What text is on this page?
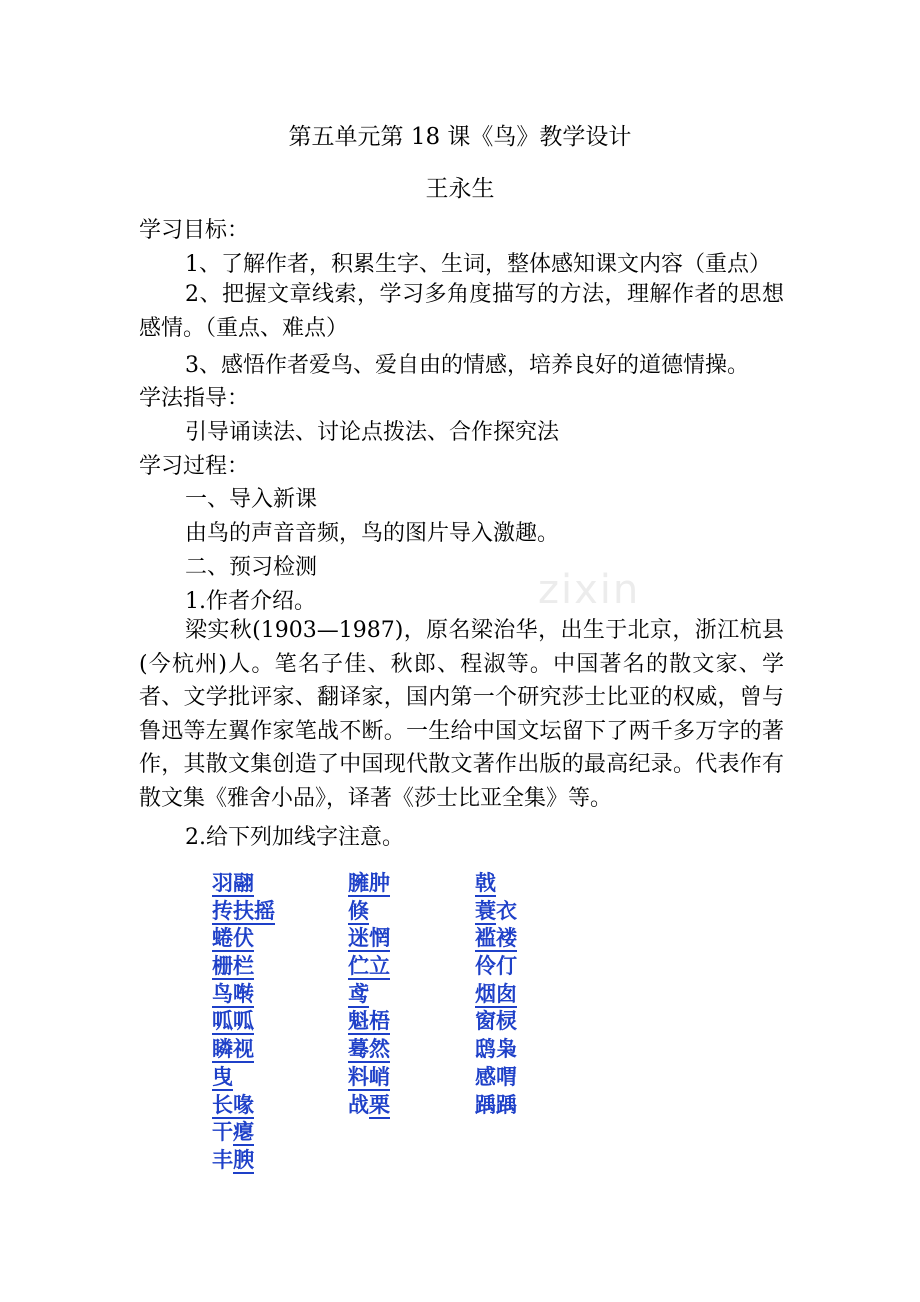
zixin
第五单元第 18 课《鸟》教学设计
王永生
学习目标：
1、了解作者，积累生字、生词，整体感知课文内容（重点）
2、把握文章线索，学习多角度描写的方法，理解作者的思想感情。（重点、难点）
3、感悟作者爱鸟、爱自由的情感，培养良好的道德情操。
学法指导：
引导诵读法、讨论点拨法、合作探究法
学习过程：
一、导入新课
由鸟的声音音频，鸟的图片导入激趣。
二、预习检测
1.作者介绍。
梁实秋(1903—1987)，原名梁治华，出生于北京，浙江杭县(今杭州)人。笔名子佳、秋郎、程淑等。中国著名的散文家、学者、文学批评家、翻译家，国内第一个研究莎士比亚的权威，曾与鲁迅等左翼作家笔战不断。一生给中国文坛留下了两千多万字的著作，其散文集创造了中国现代散文著作出版的最高纪录。代表作有散文集《雅舍小品》，译著《莎士比亚全集》等。
2.给下列加线字注意。
羽翮
抟扶摇
蜷伏
栅栏
鸟啭
呱呱
瞵视
曳
长喙
干瘪
丰腴
臃肿
倏
迷惘
伫立
鸢
魁梧
蓦然
料峭
战栗
戟
蓑衣
褴褛
伶仃
烟囱
窗棂
鸱枭
感喟
踽踽
